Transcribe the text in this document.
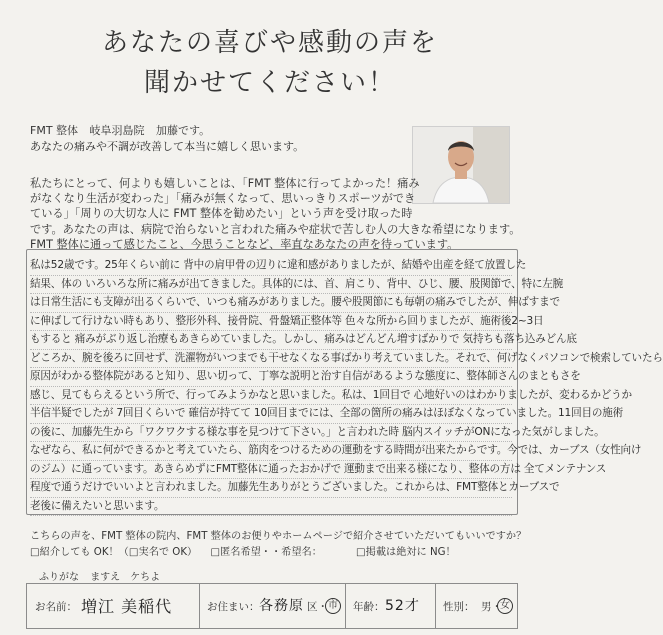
あなたの喜びや感動の声を
聞かせてください！
FMT 整体 岐阜羽島院 加藤です。
あなたの痛みや不調が改善して本当に嬉しく思います。
私たちにとって、何よりも嬉しいことは、「FMT 整体に行ってよかった！痛み
がなくなり生活が変わった」「痛みが無くなって、思いっきりスポーツができ
ている」「周りの大切な人に FMT 整体を勧めたい」という声を受け取った時
です。あなたの声は、病院で治らないと言われた痛みや症状で苦しむ人の大きな希望になります。
FMT 整体に通って感じたこと、今思うことなど、率直なあなたの声を待っています。
私は52歳です。25年くらい前に 背中の肩甲骨の辺りに違和感がありましたが、結婚や出産を経て放置した
結果、体の いろいろな所に痛みが出てきました。具体的には、首、肩こり、背中、ひじ、腰、股関節で、特に左腕
は日常生活にも支障が出るくらいで、いつも痛みがありました。腰や股関節にも毎朝の痛みでしたが、伸ばすまで
に伸ばして行けない時もあり、整形外科、接骨院、骨盤矯正整体等 色々な所から回りましたが、施術後2~3日
もすると 痛みがぶり返し治療もあきらめていました。しかし、痛みはどんどん増すばかりで 気持ちも落ち込みどん底
どころか、腕を後ろに回せず、洗濯物がいつまでも干せなくなる事ばかり考えていました。それで、何げなくパソコンで検索していたら
原因がわかる整体院があると知り、思い切って、丁寧な説明と治す自信があるような態度に、整体師さんのまともさを
感じ、見てもらえるという所で、行ってみようかなと思いました。私は、1回目で 心地好いのはわかりましたが、変わるかどうか
半信半疑でしたが 7回目くらいで 確信が持てて 10回目までには、全部の箇所の痛みはほぼなくなっていました。11回目の施術
の後に、加藤先生から「ワクワクする様な事を見つけて下さい。」と言われた時 脳内スイッチがONになった気がしました。
なぜなら、私に何ができるかと考えていたら、筋肉をつけるための運動をする時間が出来たからです。今では、カーブス（女性向け
のジム）に通っています。あきらめずにFMT整体に通ったおかげで 運動まで出来る様になり、整体の方は 全てメンテナンス
程度で通うだけでいいよと言われました。加藤先生ありがとうございました。これからは、FMT整体とカーブスで
老後に備えたいと思います。
こちらの声を、FMT 整体の院内、FMT 整体のお便りやホームページで紹介させていただいてもいいですか？
□紹介しても OK！（□実名で OK） □匿名希望・・希望名：	□掲載は絶対に NG！
ふりがな ますえ　ケちよ
お名前： 増江 美稲代	お住まい： 各務原 区・ 市 年齢： 52才 性別： 男・
女
